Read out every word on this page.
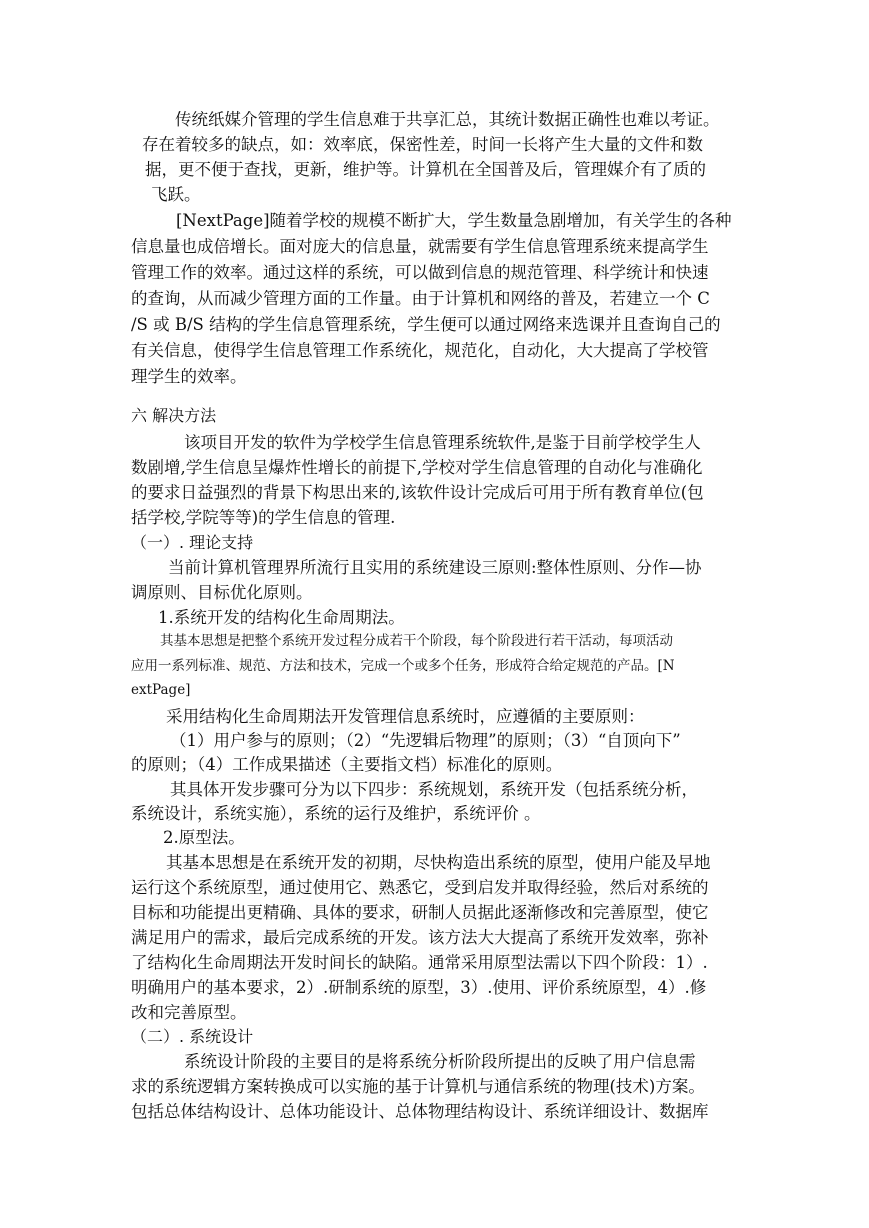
传统纸媒介管理的学生信息难于共享汇总，其统计数据正确性也难以考证。

存在着较多的缺点，如：效率底，保密性差，时间一长将产生大量的文件和数

据，更不便于查找，更新，维护等。计算机在全国普及后，管理媒介有了质的

飞跃。

[NextPage]随着学校的规模不断扩大，学生数量急剧增加，有关学生的各种

信息量也成倍增长。面对庞大的信息量，就需要有学生信息管理系统来提高学生

管理工作的效率。通过这样的系统，可以做到信息的规范管理、科学统计和快速

的查询，从而减少管理方面的工作量。由于计算机和网络的普及，若建立一个 C

/S 或 B/S 结构的学生信息管理系统，学生便可以通过网络来选课并且查询自己的

有关信息，使得学生信息管理工作系统化，规范化，自动化，大大提高了学校管

理学生的效率。

六 解决方法

该项目开发的软件为学校学生信息管理系统软件,是鉴于目前学校学生人

数剧增,学生信息呈爆炸性增长的前提下,学校对学生信息管理的自动化与准确化

的要求日益强烈的背景下构思出来的,该软件设计完成后可用于所有教育单位(包

括学校,学院等等)的学生信息的管理.

（一）. 理论支持

当前计算机管理界所流行且实用的系统建设三原则:整体性原则、分作—协

调原则、目标优化原则。

1.系统开发的结构化生命周期法。

其基本思想是把整个系统开发过程分成若干个阶段，每个阶段进行若干活动，每项活动

应用一系列标准、规范、方法和技术，完成一个或多个任务，形成符合给定规范的产品。[N

extPage]

采用结构化生命周期法开发管理信息系统时，应遵循的主要原则：

（1）用户参与的原则；（2）“先逻辑后物理”的原则；（3）“自顶向下”

的原则；（4）工作成果描述（主要指文档）标准化的原则。

其具体开发步骤可分为以下四步：系统规划，系统开发（包括系统分析，

系统设计，系统实施），系统的运行及维护，系统评价 。

2.原型法。

其基本思想是在系统开发的初期，尽快构造出系统的原型，使用户能及早地

运行这个系统原型，通过使用它、熟悉它，受到启发并取得经验，然后对系统的

目标和功能提出更精确、具体的要求，研制人员据此逐渐修改和完善原型，使它

满足用户的需求，最后完成系统的开发。该方法大大提高了系统开发效率，弥补

了结构化生命周期法开发时间长的缺陷。通常采用原型法需以下四个阶段：1）.

明确用户的基本要求，2）.研制系统的原型，3）.使用、评价系统原型，4）.修

改和完善原型。

（二）. 系统设计

系统设计阶段的主要目的是将系统分析阶段所提出的反映了用户信息需

求的系统逻辑方案转换成可以实施的基于计算机与通信系统的物理(技术)方案。

包括总体结构设计、总体功能设计、总体物理结构设计、系统详细设计、数据库
